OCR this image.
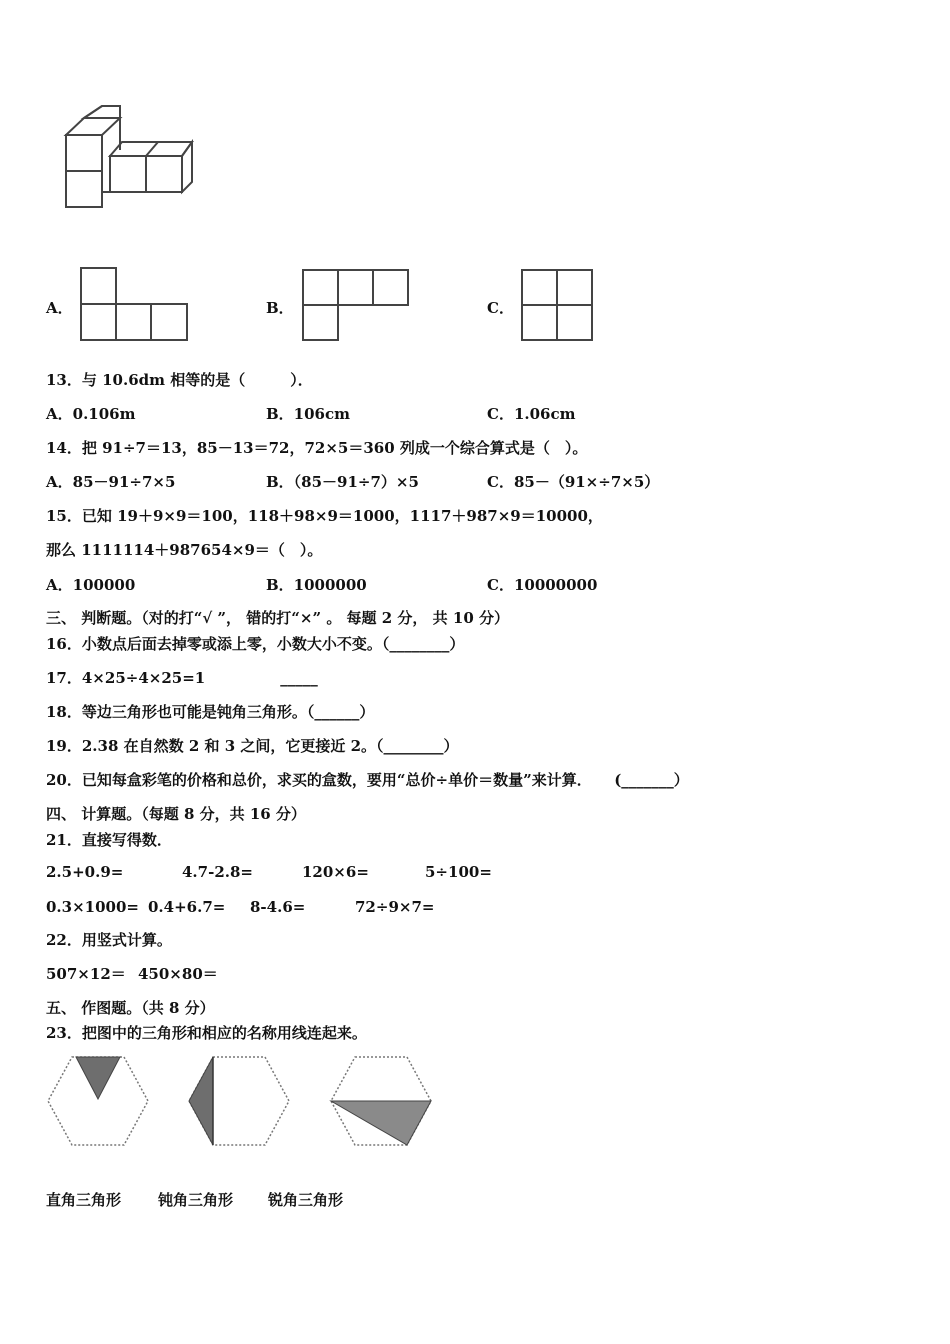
A．	B．	C．
13．与 10.6dm 相等的是（　　　）．
A．0.106m	B．106cm	C．1.06cm
14．把 91÷7＝13，85－13＝72，72×5＝360 列成一个综合算式是（　）。
A．85－91÷7×5	B．（85－91÷7）×5	C．85－（91×÷7×5）
15．已知 19＋9×9＝100，118＋98×9＝1000，1117＋987×9＝10000，
那么 1111114＋987654×9＝（　）。
A．100000	B．1000000	C．10000000
三、 判断题。（对的打“√ ”， 错的打“×” 。 每题 2 分， 共 10 分）
16．小数点后面去掉零或添上零，小数大小不变。（________）
17．4×25÷4×25=1　　　　　_____
18．等边三角形也可能是钝角三角形。（______）
19．2.38 在自然数 2 和 3 之间，它更接近 2。（________）
20．已知每盒彩笔的价格和总价，求买的盒数，要用“总价÷单价＝数量”来计算．　　(_______）
四、 计算题。（每题 8 分，共 16 分）
21．直接写得数．
2.5+0.9=	4.7-2.8=	120×6=	5÷100=
0.3×1000= 0.4+6.7= 8-4.6=	72÷9×7=
22．用竖式计算。
507×12＝ 450×80＝
五、 作图题。（共 8 分）
23．把图中的三角形和相应的名称用线连起来。
直角三角形 钝角三角形 锐角三角形
